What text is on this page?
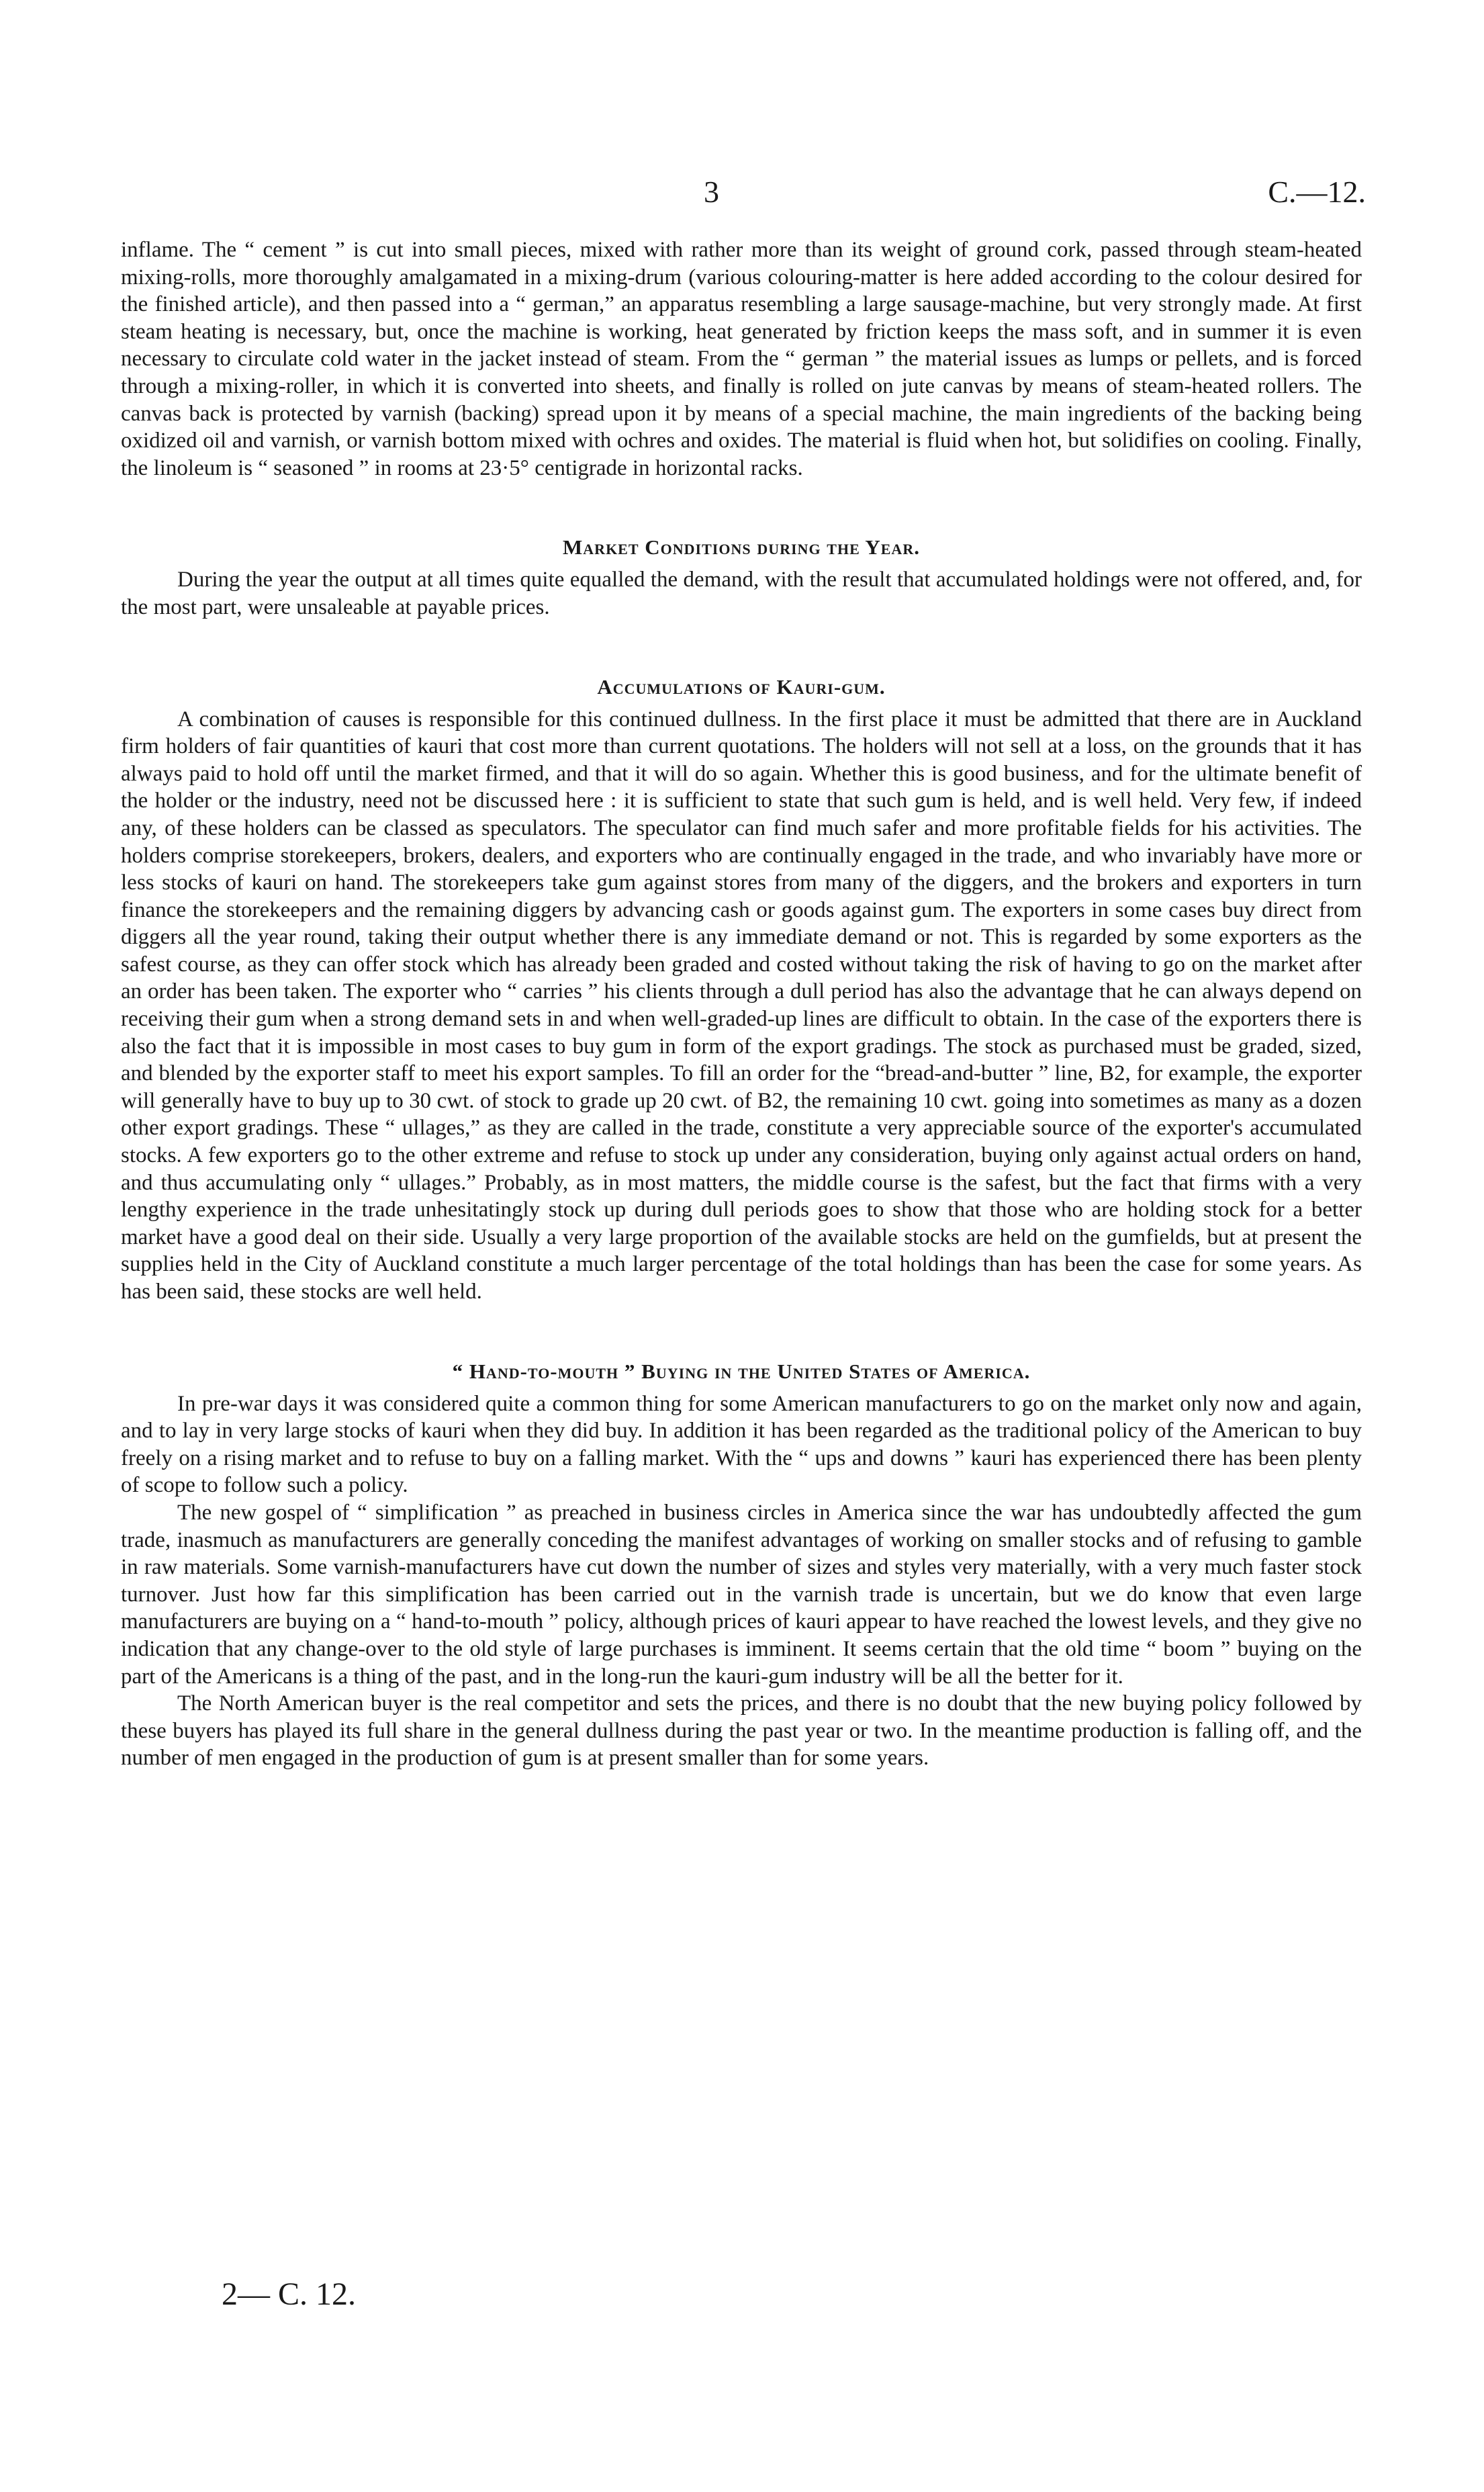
3	C.—12.

inflame. The “ cement ” is cut into small pieces, mixed with rather more than its weight of ground cork, passed through steam-heated mixing-rolls, more thoroughly amalgamated in a mixing-drum (various colouring-matter is here added according to the colour desired for the finished article), and then passed into a “ german,” an apparatus resembling a large sausage-machine, but very strongly made. At first steam heating is necessary, but, once the machine is working, heat generated by friction keeps the mass soft, and in summer it is even necessary to circulate cold water in the jacket instead of steam. From the “ german ” the material issues as lumps or pellets, and is forced through a mixing-roller, in which it is converted into sheets, and finally is rolled on jute canvas by means of steam-heated rollers. The canvas back is protected by varnish (backing) spread upon it by means of a special machine, the main ingredients of the backing being oxidized oil and varnish, or varnish bottom mixed with ochres and oxides. The material is fluid when hot, but solidifies on cooling. Finally, the linoleum is “ seasoned ” in rooms at 23·5° centigrade in horizontal racks.

Market Conditions during the Year.

During the year the output at all times quite equalled the demand, with the result that accumulated holdings were not offered, and, for the most part, were unsaleable at payable prices.

Accumulations of Kauri-gum.

A combination of causes is responsible for this continued dullness. In the first place it must be admitted that there are in Auckland firm holders of fair quantities of kauri that cost more than current quotations. The holders will not sell at a loss, on the grounds that it has always paid to hold off until the market firmed, and that it will do so again. Whether this is good business, and for the ultimate benefit of the holder or the industry, need not be discussed here : it is sufficient to state that such gum is held, and is well held. Very few, if indeed any, of these holders can be classed as speculators. The speculator can find much safer and more profitable fields for his activities. The holders comprise storekeepers, brokers, dealers, and exporters who are continually engaged in the trade, and who invariably have more or less stocks of kauri on hand. The storekeepers take gum against stores from many of the diggers, and the brokers and exporters in turn finance the storekeepers and the remaining diggers by advancing cash or goods against gum. The exporters in some cases buy direct from diggers all the year round, taking their output whether there is any immediate demand or not. This is regarded by some exporters as the safest course, as they can offer stock which has already been graded and costed without taking the risk of having to go on the market after an order has been taken. The exporter who “ carries ” his clients through a dull period has also the advantage that he can always depend on receiving their gum when a strong demand sets in and when well-graded-up lines are difficult to obtain. In the case of the exporters there is also the fact that it is impossible in most cases to buy gum in form of the export gradings. The stock as purchased must be graded, sized, and blended by the exporter staff to meet his export samples. To fill an order for the “bread-and-butter ” line, B2, for example, the exporter will generally have to buy up to 30 cwt. of stock to grade up 20 cwt. of B2, the remaining 10 cwt. going into sometimes as many as a dozen other export gradings. These “ ullages,” as they are called in the trade, constitute a very appreciable source of the exporter's accumulated stocks. A few exporters go to the other extreme and refuse to stock up under any consideration, buying only against actual orders on hand, and thus accumulating only “ ullages.” Probably, as in most matters, the middle course is the safest, but the fact that firms with a very lengthy experience in the trade unhesitatingly stock up during dull periods goes to show that those who are holding stock for a better market have a good deal on their side. Usually a very large proportion of the available stocks are held on the gumfields, but at present the supplies held in the City of Auckland constitute a much larger percentage of the total holdings than has been the case for some years. As has been said, these stocks are well held.

“ Hand-to-mouth ” Buying in the United States of America.

In pre-war days it was considered quite a common thing for some American manufacturers to go on the market only now and again, and to lay in very large stocks of kauri when they did buy. In addition it has been regarded as the traditional policy of the American to buy freely on a rising market and to refuse to buy on a falling market. With the “ ups and downs ” kauri has experienced there has been plenty of scope to follow such a policy.

The new gospel of “ simplification ” as preached in business circles in America since the war has undoubtedly affected the gum trade, inasmuch as manufacturers are generally conceding the manifest advantages of working on smaller stocks and of refusing to gamble in raw materials. Some varnish-manufacturers have cut down the number of sizes and styles very materially, with a very much faster stock turnover. Just how far this simplification has been carried out in the varnish trade is uncertain, but we do know that even large manufacturers are buying on a “ hand-to-mouth ” policy, although prices of kauri appear to have reached the lowest levels, and they give no indication that any change-over to the old style of large purchases is imminent. It seems certain that the old time “ boom ” buying on the part of the Americans is a thing of the past, and in the long-run the kauri-gum industry will be all the better for it.

The North American buyer is the real competitor and sets the prices, and there is no doubt that the new buying policy followed by these buyers has played its full share in the general dullness during the past year or two. In the meantime production is falling off, and the number of men engaged in the production of gum is at present smaller than for some years.

2— C. 12.
